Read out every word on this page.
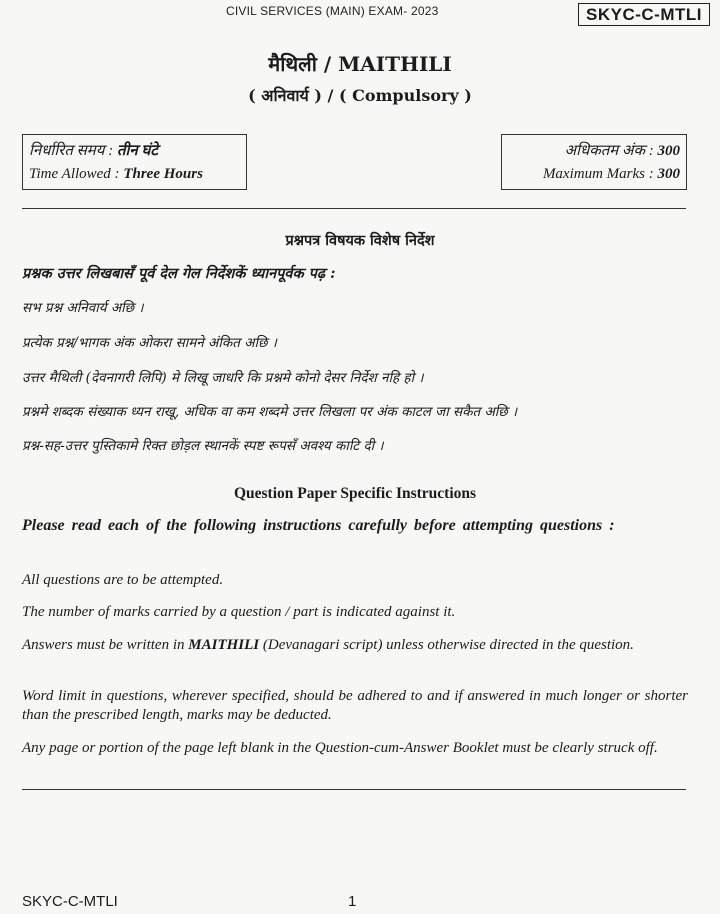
CIVIL SERVICES (MAIN) EXAM- 2023	SKYC-C-MTLI
मैथिली / MAITHILI
( अनिवार्य ) / ( Compulsory )
निर्धारित समय : तीन घंटे
Time Allowed : Three Hours
अधिकतम अंक : 300
Maximum Marks : 300
प्रश्नपत्र विषयक विशेष निर्देश
प्रश्नक उत्तर लिखबासँ पूर्व देल गेल निर्देशकें ध्यानपूर्वक पढ़ :
सभ प्रश्न अनिवार्य अछि ।
प्रत्येक प्रश्न/भागक अंक ओकरा सामने अंकित अछि ।
उत्तर मैथिली (देवनागरी लिपि) मे लिखू जाधरि कि प्रश्नमे कोनो देसर निर्देश नहि हो ।
प्रश्नमे शब्दक संख्याक ध्यन राखू, अधिक वा कम शब्दमे उत्तर लिखला पर अंक काटल जा सकैत अछि ।
प्रश्न-सह-उत्तर पुस्तिकामे रिक्त छोड़ल स्थानकें स्पष्ट रूपसँ अवश्य काटि दी ।
Question Paper Specific Instructions
Please read each of the following instructions carefully before attempting questions :
All questions are to be attempted.
The number of marks carried by a question / part is indicated against it.
Answers must be written in MAITHILI (Devanagari script) unless otherwise directed in the question.
Word limit in questions, wherever specified, should be adhered to and if answered in much longer or shorter than the prescribed length, marks may be deducted.
Any page or portion of the page left blank in the Question-cum-Answer Booklet must be clearly struck off.
SKYC-C-MTLI	1
